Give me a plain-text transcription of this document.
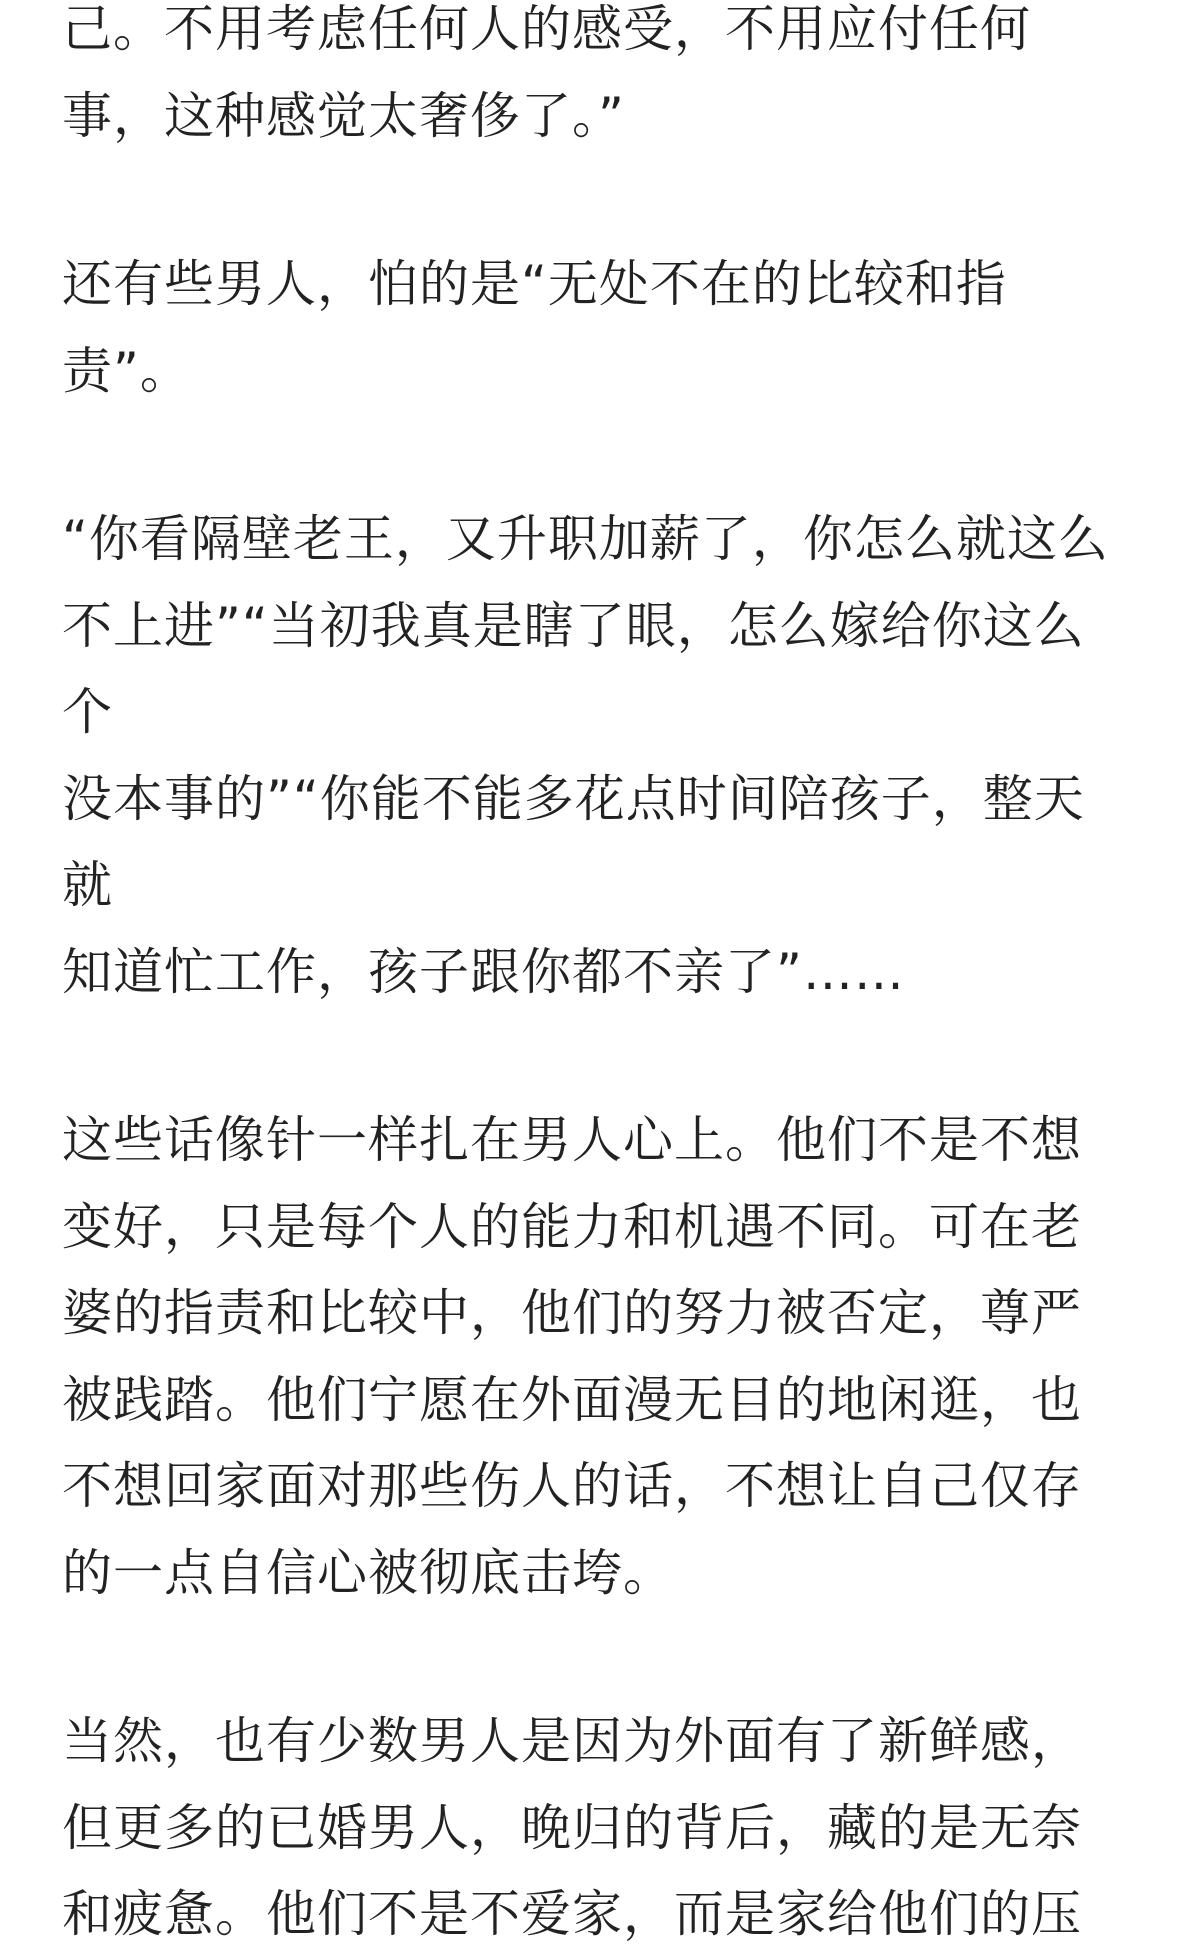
己。不用考虑任何人的感受，不用应付任何
事，这种感觉太奢侈了。”

还有些男人，怕的是“无处不在的比较和指责”。

“你看隔壁老王，又升职加薪了，你怎么就这么
不上进”“当初我真是瞎了眼，怎么嫁给你这么个
没本事的”“你能不能多花点时间陪孩子，整天就
知道忙工作，孩子跟你都不亲了”……

这些话像针一样扎在男人心上。他们不是不想
变好，只是每个人的能力和机遇不同。可在老
婆的指责和比较中，他们的努力被否定，尊严
被践踏。他们宁愿在外面漫无目的地闲逛，也
不想回家面对那些伤人的话，不想让自己仅存
的一点自信心被彻底击垮。

当然，也有少数男人是因为外面有了新鲜感，
但更多的已婚男人，晚归的背后，藏的是无奈
和疲惫。他们不是不爱家，而是家给他们的压
